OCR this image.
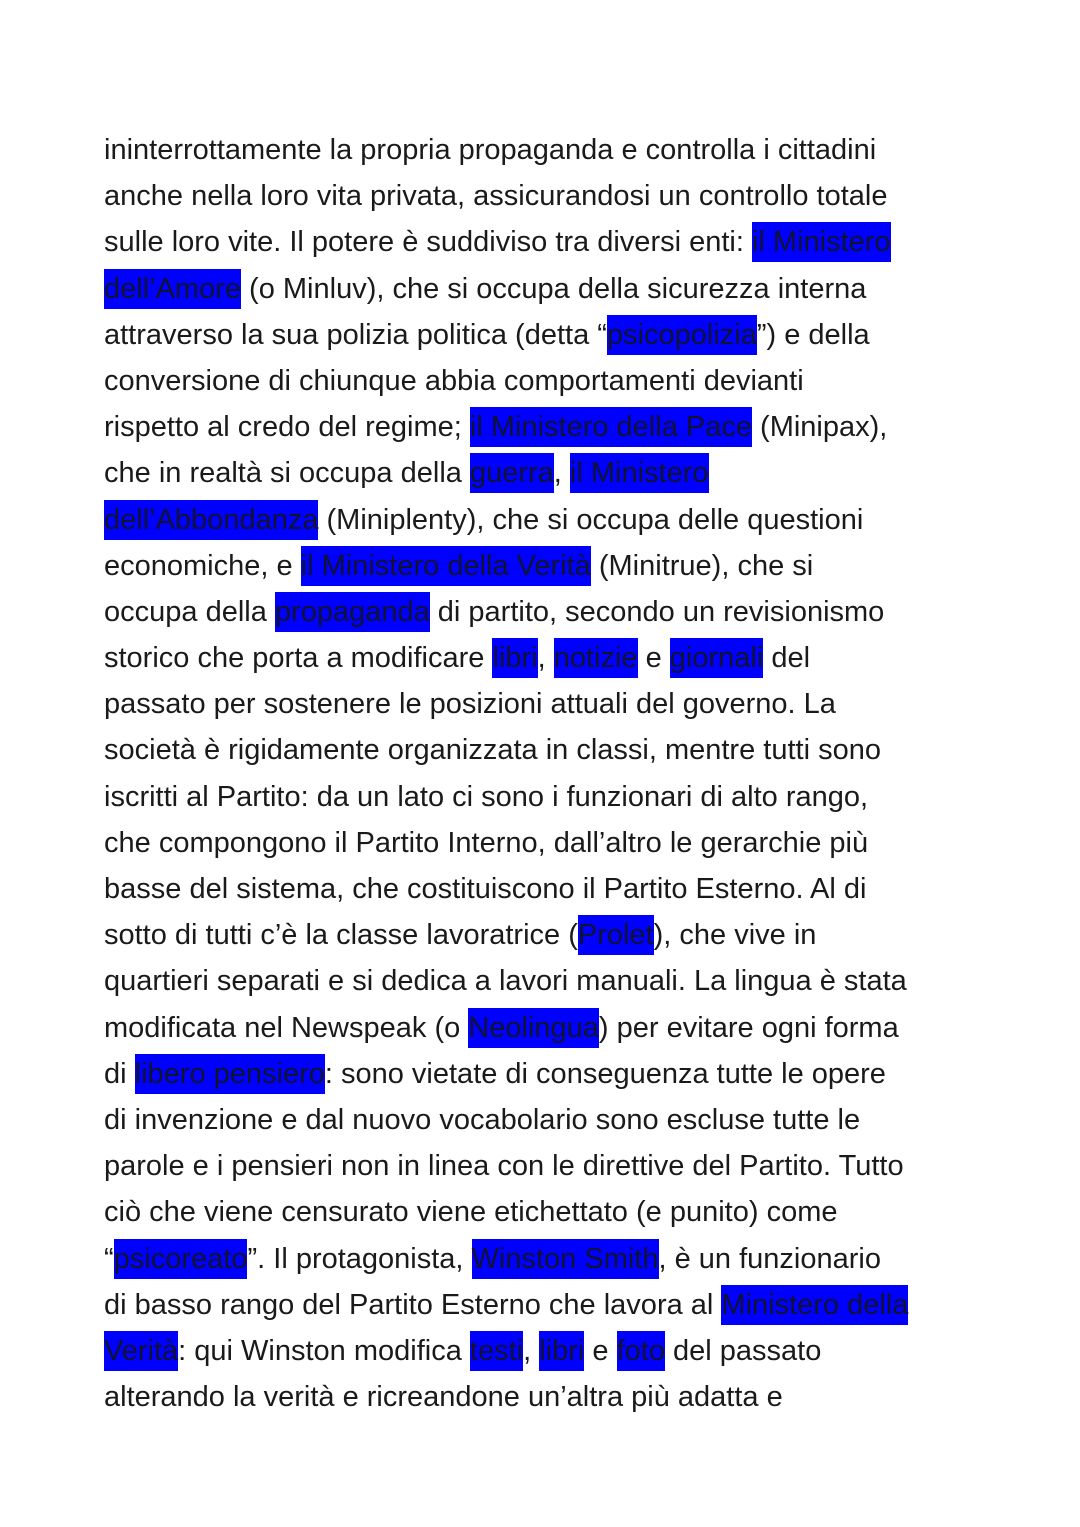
ininterrottamente la propria propaganda e controlla i cittadini
anche nella loro vita privata, assicurandosi un controllo totale
sulle loro vite. Il potere è suddiviso tra diversi enti: il Ministero
dell’Amore (o Minluv), che si occupa della sicurezza interna
attraverso la sua polizia politica (detta “psicopolizia”) e della
conversione di chiunque abbia comportamenti devianti
rispetto al credo del regime; il Ministero della Pace (Minipax),
che in realtà si occupa della guerra, il Ministero
dell’Abbondanza (Miniplenty), che si occupa delle questioni
economiche, e il Ministero della Verità (Minitrue), che si
occupa della propaganda di partito, secondo un revisionismo
storico che porta a modificare libri, notizie e giornali del
passato per sostenere le posizioni attuali del governo. La
società è rigidamente organizzata in classi, mentre tutti sono
iscritti al Partito: da un lato ci sono i funzionari di alto rango,
che compongono il Partito Interno, dall’altro le gerarchie più
basse del sistema, che costituiscono il Partito Esterno. Al di
sotto di tutti c’è la classe lavoratrice (Prolet), che vive in
quartieri separati e si dedica a lavori manuali. La lingua è stata
modificata nel Newspeak (o Neolingua) per evitare ogni forma
di libero pensiero: sono vietate di conseguenza tutte le opere
di invenzione e dal nuovo vocabolario sono escluse tutte le
parole e i pensieri non in linea con le direttive del Partito. Tutto
ciò che viene censurato viene etichettato (e punito) come
“psicoreato”. Il protagonista, Winston Smith, è un funzionario
di basso rango del Partito Esterno che lavora al Ministero della
Verità: qui Winston modifica testi, libri e foto del passato
alterando la verità e ricreandone un’altra più adatta e
